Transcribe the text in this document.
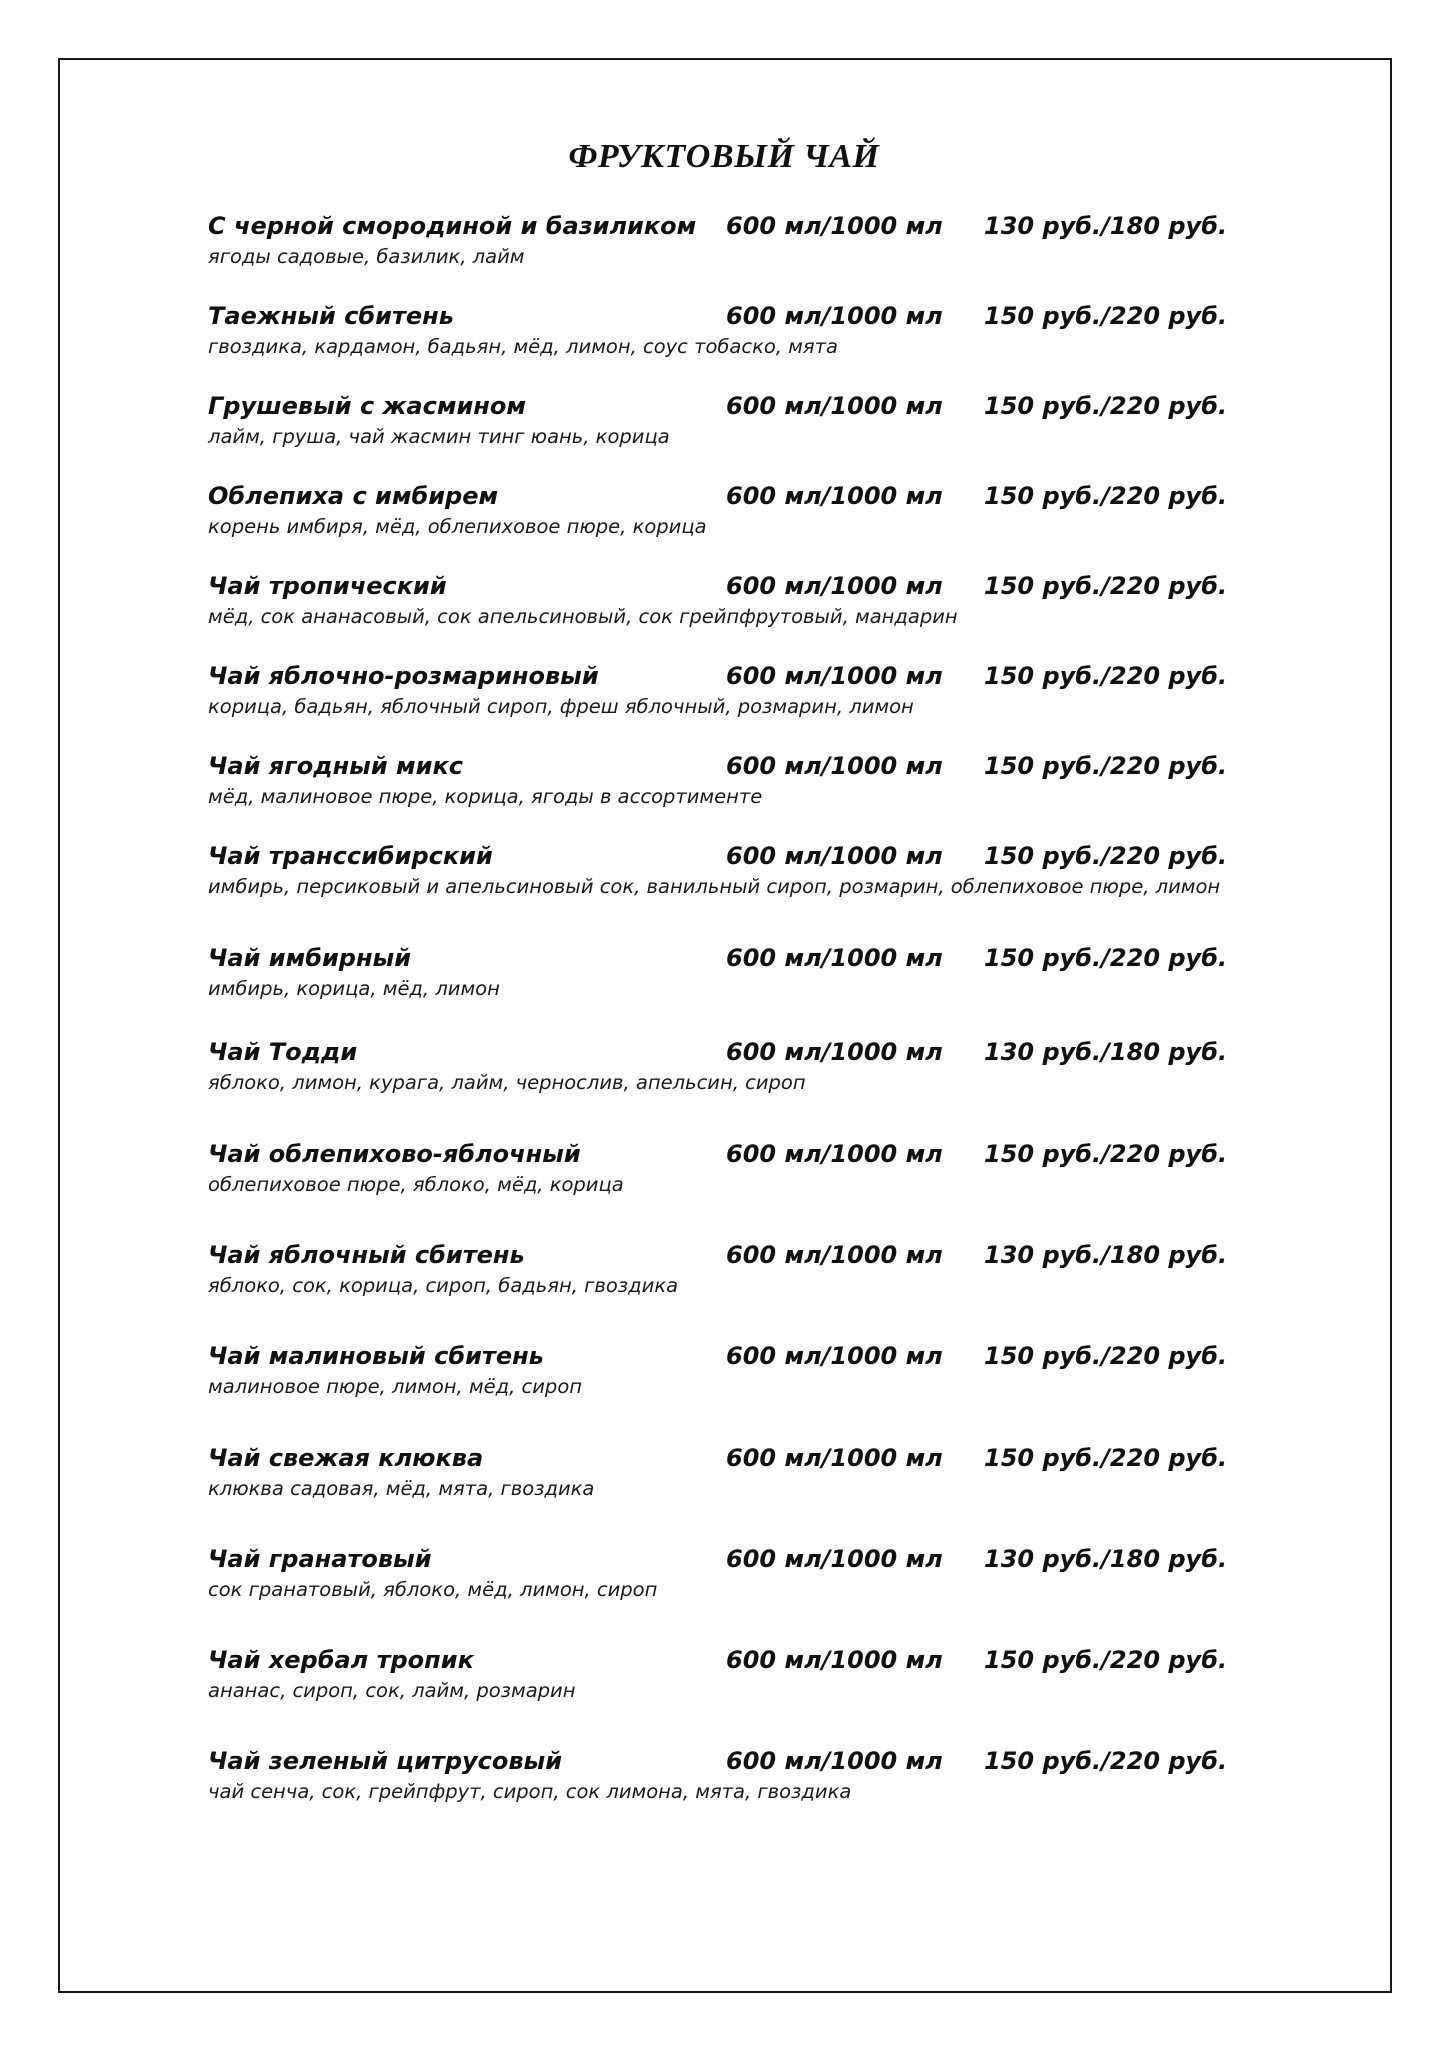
ФРУКТОВЫЙ ЧАЙ
С черной смородиной и базиликом 600 мл/1000 мл 130 руб./180 руб.
ягоды садовые, базилик, лайм
Таежный сбитень	600 мл/1000 мл 150 руб./220 руб.
гвоздика, кардамон, бадьян, мёд, лимон, соус тобаско, мята
Грушевый с жасмином	600 мл/1000 мл 150 руб./220 руб.
лайм, груша, чай жасмин тинг юань, корица
Облепиха с имбирем	600 мл/1000 мл 150 руб./220 руб.
корень имбиря, мёд, облепиховое пюре, корица
Чай тропический	600 мл/1000 мл 150 руб./220 руб.
мёд, сок ананасовый, сок апельсиновый, сок грейпфрутовый, мандарин
Чай яблочно-розмариновый	600 мл/1000 мл 150 руб./220 руб.
корица, бадьян, яблочный сироп, фреш яблочный, розмарин, лимон
Чай ягодный микс	600 мл/1000 мл 150 руб./220 руб.
мёд, малиновое пюре, корица, ягоды в ассортименте
Чай транссибирский	600 мл/1000 мл 150 руб./220 руб.
имбирь, персиковый и апельсиновый сок, ванильный сироп, розмарин, облепиховое пюре, лимон
Чай имбирный	600 мл/1000 мл 150 руб./220 руб.
имбирь, корица, мёд, лимон
Чай Тодди	600 мл/1000 мл 130 руб./180 руб.
яблоко, лимон, курага, лайм, чернослив, апельсин, сироп
Чай облепихово-яблочный	600 мл/1000 мл 150 руб./220 руб.
облепиховое пюре, яблоко, мёд, корица
Чай яблочный сбитень	600 мл/1000 мл 130 руб./180 руб.
яблоко, сок, корица, сироп, бадьян, гвоздика
Чай малиновый сбитень	600 мл/1000 мл 150 руб./220 руб.
малиновое пюре, лимон, мёд, сироп
Чай свежая клюква	600 мл/1000 мл 150 руб./220 руб.
клюква садовая, мёд, мята, гвоздика
Чай гранатовый	600 мл/1000 мл 130 руб./180 руб.
сок гранатовый, яблоко, мёд, лимон, сироп
Чай хербал тропик	600 мл/1000 мл 150 руб./220 руб.
ананас, сироп, сок, лайм, розмарин
Чай зеленый цитрусовый	600 мл/1000 мл 150 руб./220 руб.
чай сенча, сок, грейпфрут, сироп, сок лимона, мята, гвоздика
